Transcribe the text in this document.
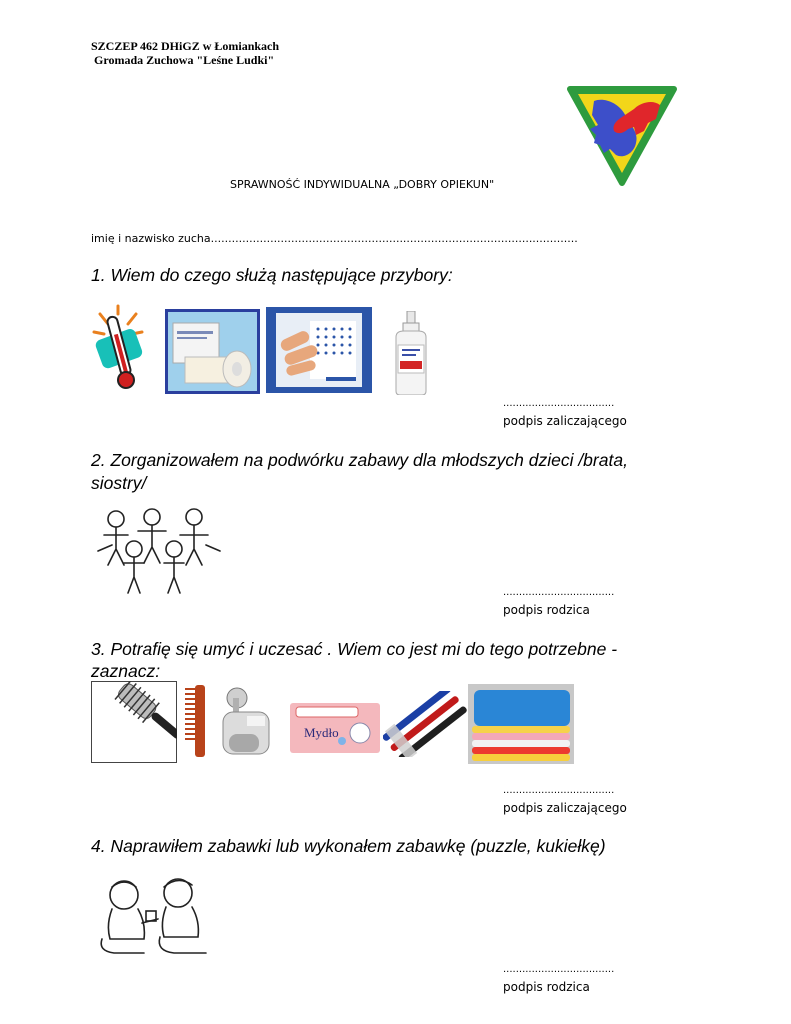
SZCZEP 462 DHiGZ w Łomiankach
Gromada Zuchowa "Leśne Ludki"
SPRAWNOŚĆ INDYWIDUALNA „DOBRY OPIEKUN"
imię i nazwisko zucha.........................................................................................................
1. Wiem do czego służą następujące przybory:
...................................
podpis zaliczającego
2. Zorganizowałem na podwórku zabawy dla młodszych dzieci /brata,
siostry/
...................................
podpis rodzica
3. Potrafię się umyć i uczesać . Wiem co jest mi do tego potrzebne -
zaznacz:
Mydło
...................................
podpis zaliczającego
4. Naprawiłem zabawki lub wykonałem zabawkę (puzzle, kukiełkę)
...................................
podpis rodzica
